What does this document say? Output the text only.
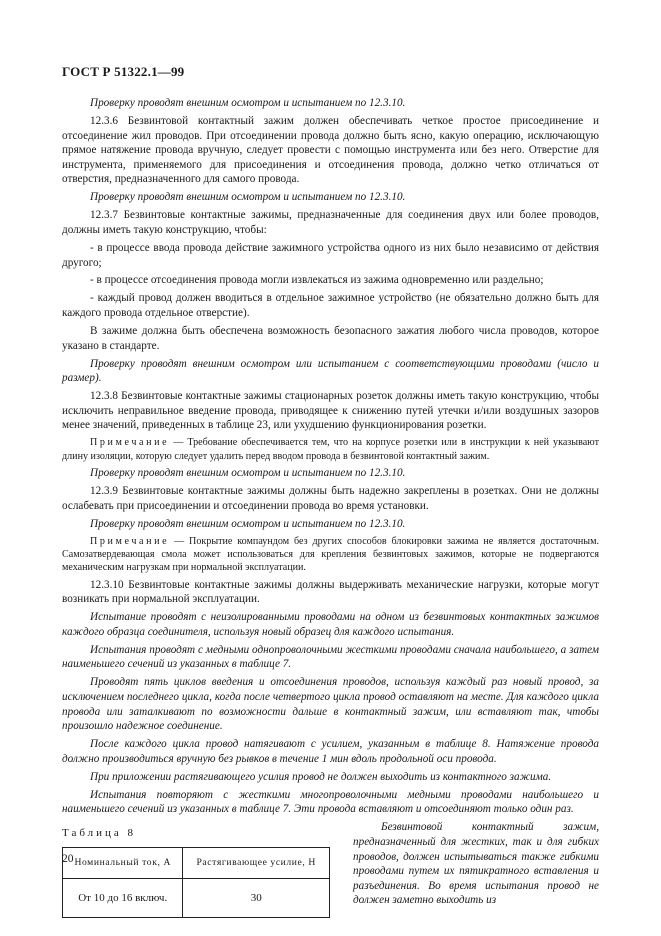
ГОСТ Р 51322.1—99

Проверку проводят внешним осмотром и испытанием по 12.3.10.

12.3.6 Безвинтовой контактный зажим должен обеспечивать четкое простое присоединение и отсоединение жил проводов. При отсоединении провода должно быть ясно, какую операцию, исключающую прямое натяжение провода вручную, следует провести с помощью инструмента или без него. Отверстие для инструмента, применяемого для присоединения и отсоединения провода, должно четко отличаться от отверстия, предназначенного для самого провода.

Проверку проводят внешним осмотром и испытанием по 12.3.10.

12.3.7 Безвинтовые контактные зажимы, предназначенные для соединения двух или более проводов, должны иметь такую конструкцию, чтобы:

- в процессе ввода провода действие зажимного устройства одного из них было независимо от действия другого;

- в процессе отсоединения провода могли извлекаться из зажима одновременно или раздельно;

- каждый провод должен вводиться в отдельное зажимное устройство (не обязательно должно быть для каждого провода отдельное отверстие).

В зажиме должна быть обеспечена возможность безопасного зажатия любого числа проводов, которое указано в стандарте.

Проверку проводят внешним осмотром или испытанием с соответствующими проводами (число и размер).

12.3.8 Безвинтовые контактные зажимы стационарных розеток должны иметь такую конструкцию, чтобы исключить неправильное введение провода, приводящее к снижению путей утечки и/или воздушных зазоров менее значений, приведенных в таблице 23, или ухудшению функционирования розетки.

Примечание — Требование обеспечивается тем, что на корпусе розетки или в инструкции к ней указывают длину изоляции, которую следует удалить перед вводом провода в безвинтовой контактный зажим.

Проверку проводят внешним осмотром и испытанием по 12.3.10.

12.3.9 Безвинтовые контактные зажимы должны быть надежно закреплены в розетках. Они не должны ослабевать при присоединении и отсоединении провода во время установки.

Проверку проводят внешним осмотром и испытанием по 12.3.10.

Примечание — Покрытие компаундом без других способов блокировки зажима не является достаточным. Самозатвердевающая смола может использоваться для крепления безвинтовых зажимов, которые не подвергаются механическим нагрузкам при нормальной эксплуатации.

12.3.10 Безвинтовые контактные зажимы должны выдерживать механические нагрузки, которые могут возникать при нормальной эксплуатации.

Испытание проводят с неизолированными проводами на одном из безвинтовых контактных зажимов каждого образца соединителя, используя новый образец для каждого испытания.

Испытания проводят с медными однопроволочными жесткими проводами сначала наибольшего, а затем наименьшего сечений из указанных в таблице 7.

Проводят пять циклов введения и отсоединения проводов, используя каждый раз новый провод, за исключением последнего цикла, когда после четвертого цикла провод оставляют на месте. Для каждого цикла провода или заталкивают по возможности дальше в контактный зажим, или вставляют так, чтобы произошло надежное соединение.

После каждого цикла провод натягивают с усилием, указанным в таблице 8. Натяжение провода должно производиться вручную без рывков в течение 1 мин вдоль продольной оси провода.

При приложении растягивающего усилия провод не должен выходить из контактного зажима.

Испытания повторяют с жесткими многопроволочными медными проводами наибольшего и наименьшего сечений из указанных в таблице 7. Эти провода вставляют и отсоединяют только один раз.

Таблица 8
Номинальный ток, А	Растягивающее усилие, Н
От 10 до 16 включ.	30

Безвинтовой контактный зажим, предназначенный для жестких, так и для гибких проводов, должен испытываться также гибкими проводами путем их пятикратного вставления и разъединения. Во время испытания провод не должен заметно выходить из

20
